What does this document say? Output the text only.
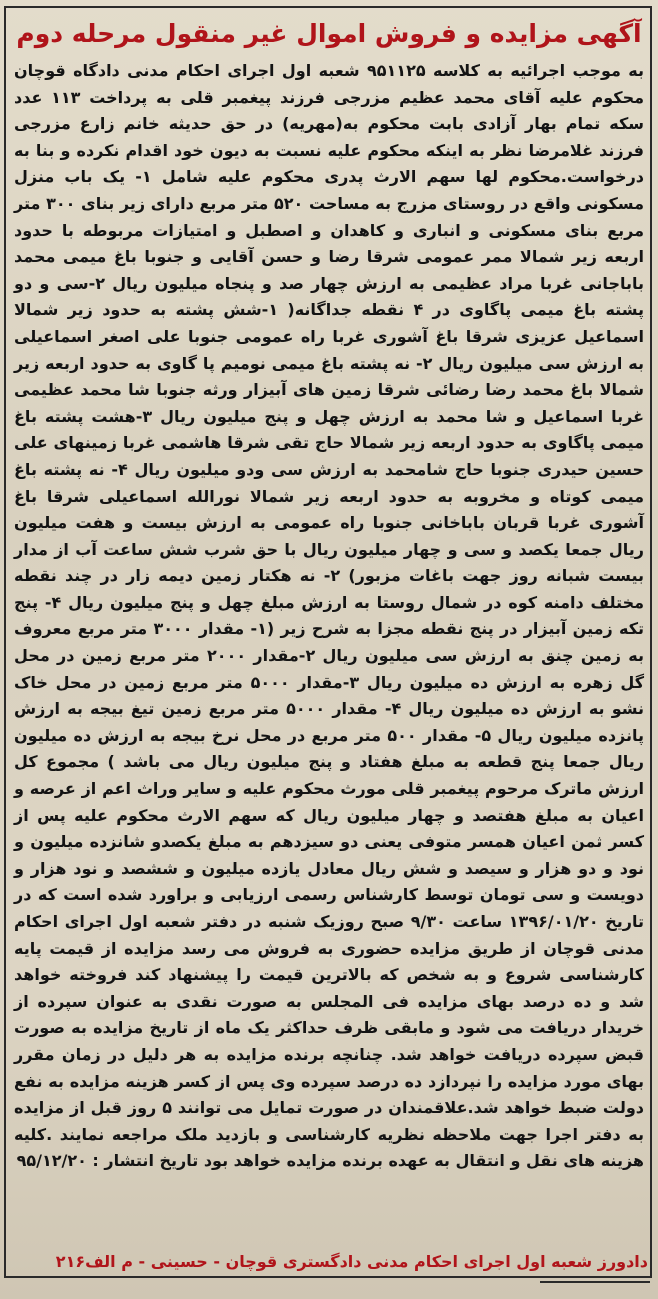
آگهی مزایده و فروش اموال غیر منقول مرحله دوم
به موجب اجرائیه به کلاسه ۹۵۱۱۲۵ شعبه اول اجرای احکام مدنی دادگاه قوچان محکوم علیه آقای محمد عظیم مزرجی فرزند پیغمبر قلی به پرداخت ۱۱۳ عدد سکه تمام بهار آزادی بابت محکوم به(مهریه) در حق حدیثه خانم زارع مزرجی فرزند غلامرضا نظر به اینکه محکوم علیه نسبت به دیون خود اقدام نکرده و بنا به درخواست.محکوم لها سهم الارث پدری محکوم علیه شامل ۱- یک باب منزل مسکونی واقع در روستای مزرج به مساحت ۵۲۰ متر مربع دارای زیر بنای ۳۰۰ متر مربع بنای مسکونی و انباری و کاهدان و اصطبل و امتیازات مربوطه با حدود اربعه زیر شمالا ممر عمومی شرقا رضا و حسن آقایی و جنوبا باغ میمی محمد باباجانی غربا مراد عظیمی به ارزش چهار صد و پنجاه میلیون ریال ۲-سی و دو پشته باغ میمی پاگاوی در ۴ نقطه جداگانه( ۱-شش پشته به حدود زیر شمالا اسماعیل عزیزی شرقا باغ آشوری غربا راه عمومی جنوبا علی اصغر اسماعیلی به ارزش سی میلیون ریال ۲- نه پشته باغ میمی نومیم پا گاوی به حدود اربعه زیر شمالا باغ محمد رضا رضائی شرقا زمین های آبیزار ورثه جنوبا شا محمد عظیمی غربا اسماعیل و شا محمد به ارزش چهل و پنج میلیون ریال ۳-هشت پشته باغ میمی پاگاوی به حدود اربعه زیر شمالا حاج تقی شرقا هاشمی غربا زمینهای علی حسین حیدری جنوبا حاج شامحمد به ارزش سی ودو میلیون ریال ۴- نه پشته باغ میمی کوتاه و مخروبه به حدود اربعه زیر شمالا نورالله اسماعیلی شرقا باغ آشوری غربا قربان باباخانی جنوبا راه عمومی به ارزش بیست و هفت میلیون ریال جمعا یکصد و سی و چهار میلیون ریال با حق شرب شش ساعت آب از مدار بیست شبانه روز جهت باغات مزبور) ۲- نه هکتار زمین دیمه زار در چند نقطه مختلف دامنه کوه در شمال روستا به ارزش مبلغ چهل و پنج میلیون ریال ۴- پنج تکه زمین آبیزار در پنج نقطه مجزا به شرح زیر (۱- مقدار ۳۰۰۰ متر مربع معروف به زمین چنق به ارزش سی میلیون ریال ۲-مقدار ۲۰۰۰ متر مربع زمین در محل گل زهره به ارزش ده میلیون ریال ۳-مقدار ۵۰۰۰ متر مربع زمین در محل خاک نشو به ارزش ده میلیون ریال ۴- مقدار ۵۰۰۰ متر مربع زمین تیغ بیجه به ارزش پانزده میلیون ریال ۵- مقدار ۵۰۰ متر مربع در محل نرخ بیجه به ارزش ده میلیون ریال جمعا پنج قطعه به مبلغ هفتاد و پنج میلیون ریال می باشد ) مجموع کل ارزش ماترک مرحوم پیغمبر قلی مورث محکوم علیه و سایر وراث اعم از عرصه و اعیان به مبلغ هفتصد و چهار میلیون ریال که سهم الارث محکوم علیه پس از کسر ثمن اعیان همسر متوفی یعنی دو سیزدهم به مبلغ یکصدو شانزده میلیون و نود و دو هزار و سیصد و شش ریال معادل یازده میلیون و ششصد و نود هزار و دویست و سی تومان توسط کارشناس رسمی ارزیابی و براورد شده است که در تاریخ ۱۳۹۶/۰۱/۲۰ ساعت ۹/۳۰ صبح روزیک شنبه در دفتر شعبه اول اجرای احکام مدنی قوچان از طریق مزایده حضوری به فروش می رسد مزایده از قیمت پایه کارشناسی شروع و به شخص که بالاترین قیمت را پیشنهاد کند فروخته خواهد شد و ده درصد بهای مزایده فی المجلس به صورت نقدی به عنوان سپرده از خریدار دریافت می شود و مابقی ظرف حداکثر یک ماه از تاریخ مزایده به صورت قبض سپرده دریافت خواهد شد. چنانچه برنده مزایده به هر دلیل در زمان مقرر بهای مورد مزایده را نپردازد ده درصد سپرده وی پس از کسر هزینه مزایده به نفع دولت ضبط خواهد شد.علاقمندان در صورت تمایل می توانند ۵ روز قبل از مزایده به دفتر اجرا جهت ملاحظه نظریه کارشناسی و بازدید ملک مراجعه نمایند .کلیه هزینه های نقل و انتقال به عهده برنده مزایده خواهد بود تاریخ انتشار : ۹۵/۱۲/۲۰
دادورز شعبه اول اجرای احکام مدنی دادگستری قوچان - حسینی - م الف۲۱۶
